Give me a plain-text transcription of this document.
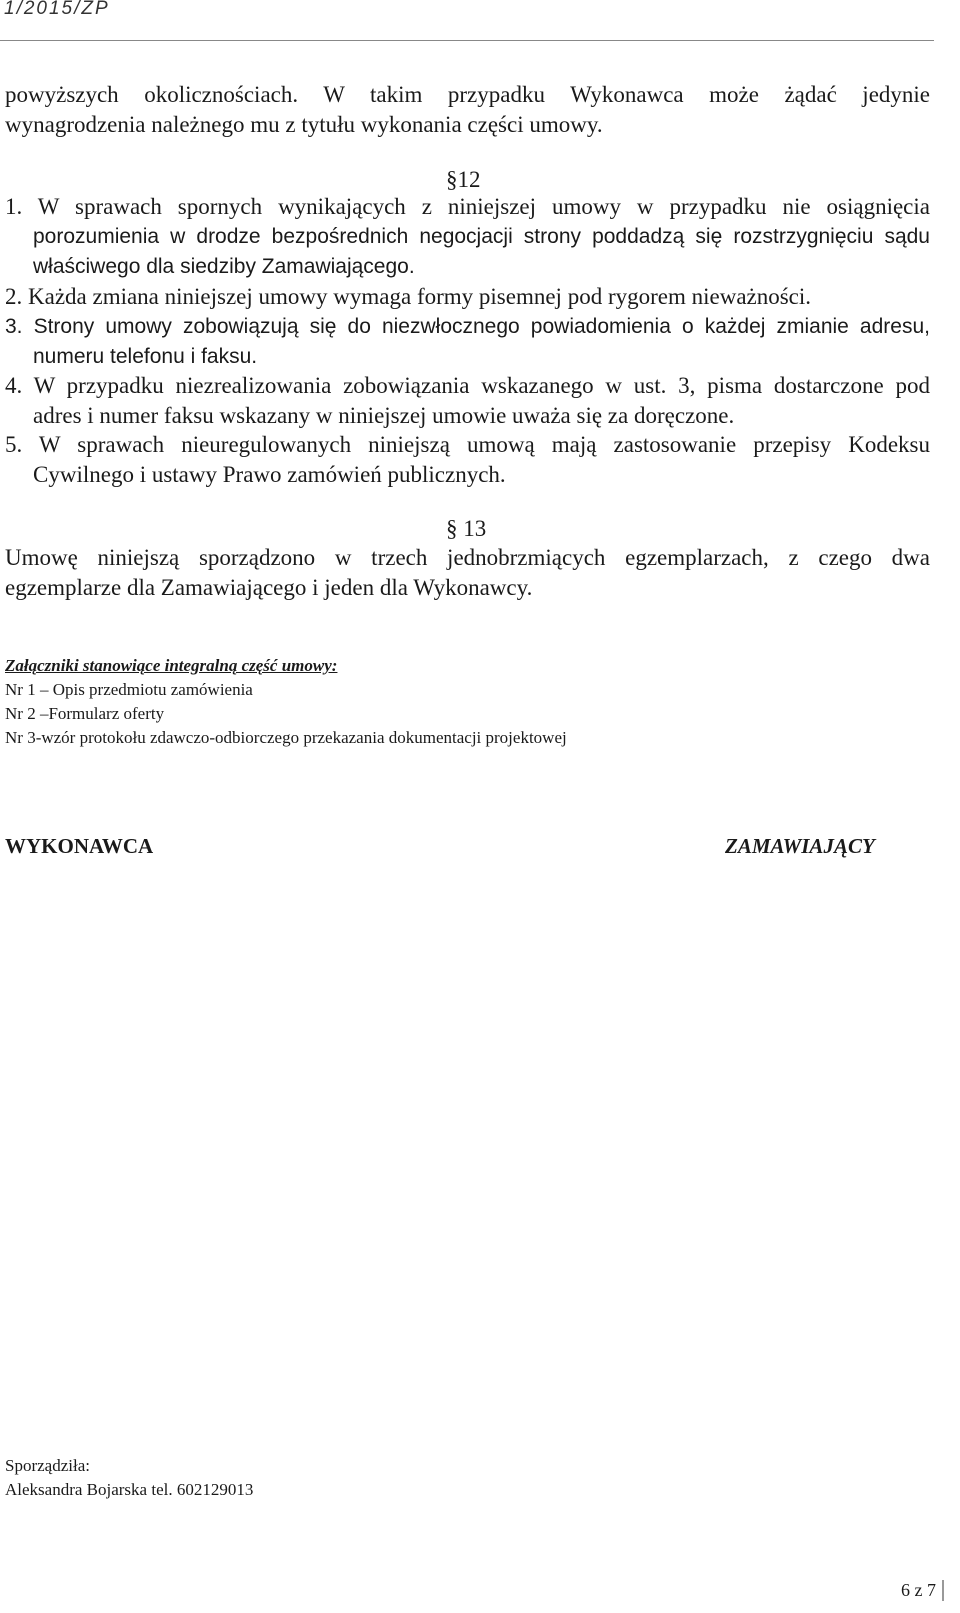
1/2015/ZP
powyższych okolicznościach. W takim przypadku Wykonawca może żądać jedynie
wynagrodzenia należnego mu z tytułu wykonania części umowy.
§12
1. W sprawach spornych wynikających z niniejszej umowy w przypadku nie osiągnięcia
porozumienia w drodze bezpośrednich negocjacji strony poddadzą się rozstrzygnięciu sądu
właściwego dla siedziby Zamawiającego.
2. Każda zmiana niniejszej umowy wymaga formy pisemnej pod rygorem nieważności.
3. Strony umowy zobowiązują się do niezwłocznego powiadomienia o każdej zmianie adresu,
numeru telefonu i faksu.
4. W przypadku niezrealizowania zobowiązania wskazanego w ust. 3, pisma dostarczone pod
adres i numer faksu wskazany w niniejszej umowie uważa się za doręczone.
5. W sprawach nieuregulowanych niniejszą umową mają zastosowanie przepisy Kodeksu
Cywilnego i ustawy Prawo zamówień publicznych.
§ 13
Umowę niniejszą sporządzono w trzech jednobrzmiących egzemplarzach, z czego dwa
egzemplarze dla Zamawiającego i jeden dla Wykonawcy.
Załączniki stanowiące integralną część umowy:
Nr 1 – Opis przedmiotu zamówienia
Nr 2 –Formularz oferty
Nr 3-wzór protokołu zdawczo-odbiorczego przekazania dokumentacji projektowej
WYKONAWCA	ZAMAWIAJĄCY
Sporządziła:
Aleksandra Bojarska tel. 602129013
6 z 7
